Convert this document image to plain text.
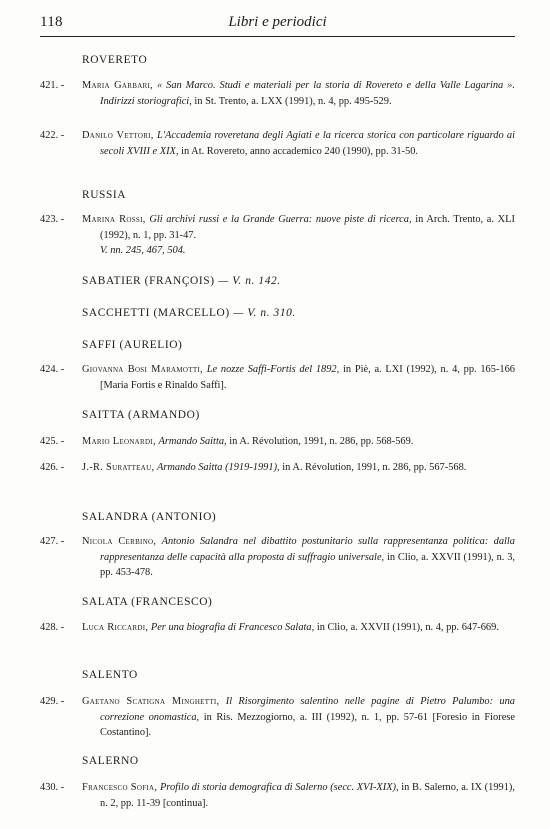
118	Libri e periodici
ROVERETO
421. -	Maria Garbari, « San Marco. Studi e materiali per la storia di Rovereto e della Valle Lagarina ». Indirizzi storiografici, in St. Trento, a. LXX (1991), n. 4, pp. 495-529.
422. -	Danilo Vettori, L'Accademia roveretana degli Agiati e la ricerca storica con particolare riguardo ai secoli XVIII e XIX, in At. Rovereto, anno accademico 240 (1990), pp. 31-50.
RUSSIA
423. -	Marina Rossi, Gli archivi russi e la Grande Guerra: nuove piste di ricerca, in Arch. Trento, a. XLI (1992), n. 1, pp. 31-47.
V. nn. 245, 467, 504.
SABATIER (FRANÇOIS) — V. n. 142.
SACCHETTI (MARCELLO) — V. n. 310.
SAFFI (AURELIO)
424. -	Giovanna Bosi Maramotti, Le nozze Saffi-Fortis del 1892, in Piè, a. LXI (1992), n. 4, pp. 165-166 [Maria Fortis e Rinaldo Saffi].
SAITTA (ARMANDO)
425. -	Mario Leonardi, Armando Saitta, in A. Révolution, 1991, n. 286, pp. 568-569.
426. -	J.-R. Suratteau, Armando Saitta (1919-1991), in A. Révolution, 1991, n. 286, pp. 567-568.
SALANDRA (ANTONIO)
427. -	Nicola Cerbino, Antonio Salandra nel dibattito postunitario sulla rappresentanza politica: dalla rappresentanza delle capacità alla proposta di suffragio universale, in Clio, a. XXVII (1991), n. 3, pp. 453-478.
SALATA (FRANCESCO)
428. -	Luca Riccardi, Per una biografia di Francesco Salata, in Clio, a. XXVII (1991), n. 4, pp. 647-669.
SALENTO
429. -	Gaetano Scatigna Minghetti, Il Risorgimento salentino nelle pagine di Pietro Palumbo: una correzione onomastica, in Ris. Mezzogiorno, a. III (1992), n. 1, pp. 57-61 [Foresio in Fiorese Costantino].
SALERNO
430. -	Francesco Sofia, Profilo di storia demografica di Salerno (secc. XVI-XIX), in B. Salerno, a. IX (1991), n. 2, pp. 11-39 [continua].
